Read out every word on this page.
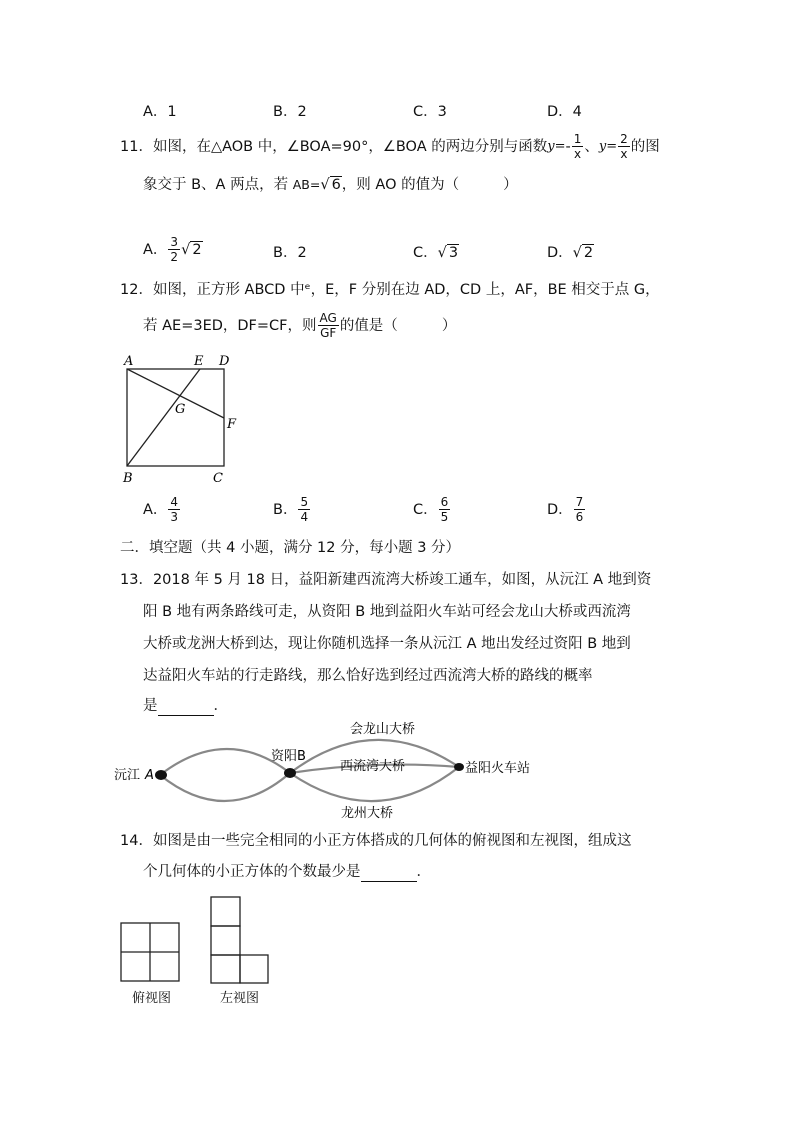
A．1	B．2	C．3	D．4
11．如图，在△AOB 中，∠BOA=90°，∠BOA 的两边分别与函数 $y= - \frac{1}{x}$ 、 $y= \frac{2}{x}$ 的图
象交于 B、A 两点，若 AB=√ 6，则 AO 的值为（	）
A． $\frac{3}{2}$ √ 2	B．2	C．√ 3	D．√ 2
12．如图，正方形 ABCD 中ᵉ，E，F 分别在边 AD，CD 上，AF，BE 相交于点 G，
若 AE=3ED，DF=CF，则 $\frac{AG}{GF}$ 的值是（	）
A	E D
G
F
B	C
A． $\frac{4}{3}$	B． $\frac{5}{4}$	C． $\frac{6}{5}$	D． $\frac{7}{6}$
二．填空题（共 4 小题，满分 12 分，每小题 3 分）
13．2018 年 5 月 18 日，益阳新建西流湾大桥竣工通车，如图，从沅江 A 地到资
阳 B 地有两条路线可走，从资阳 B 地到益阳火车站可经会龙山大桥或西流湾
大桥或龙洲大桥到达，现让你随机选择一条从沅江 A 地出发经过资阳 B 地到
达益阳火车站的行走路线，那么恰好选到经过西流湾大桥的路线的概率
是	．
沅江 A
资阳B
益阳火车站
会龙山大桥
西流湾大桥
龙州大桥
14．如图是由一些完全相同的小正方体搭成的几何体的俯视图和左视图，组成这
个几何体的小正方体的个数最少是	．
俯视图	左视图
